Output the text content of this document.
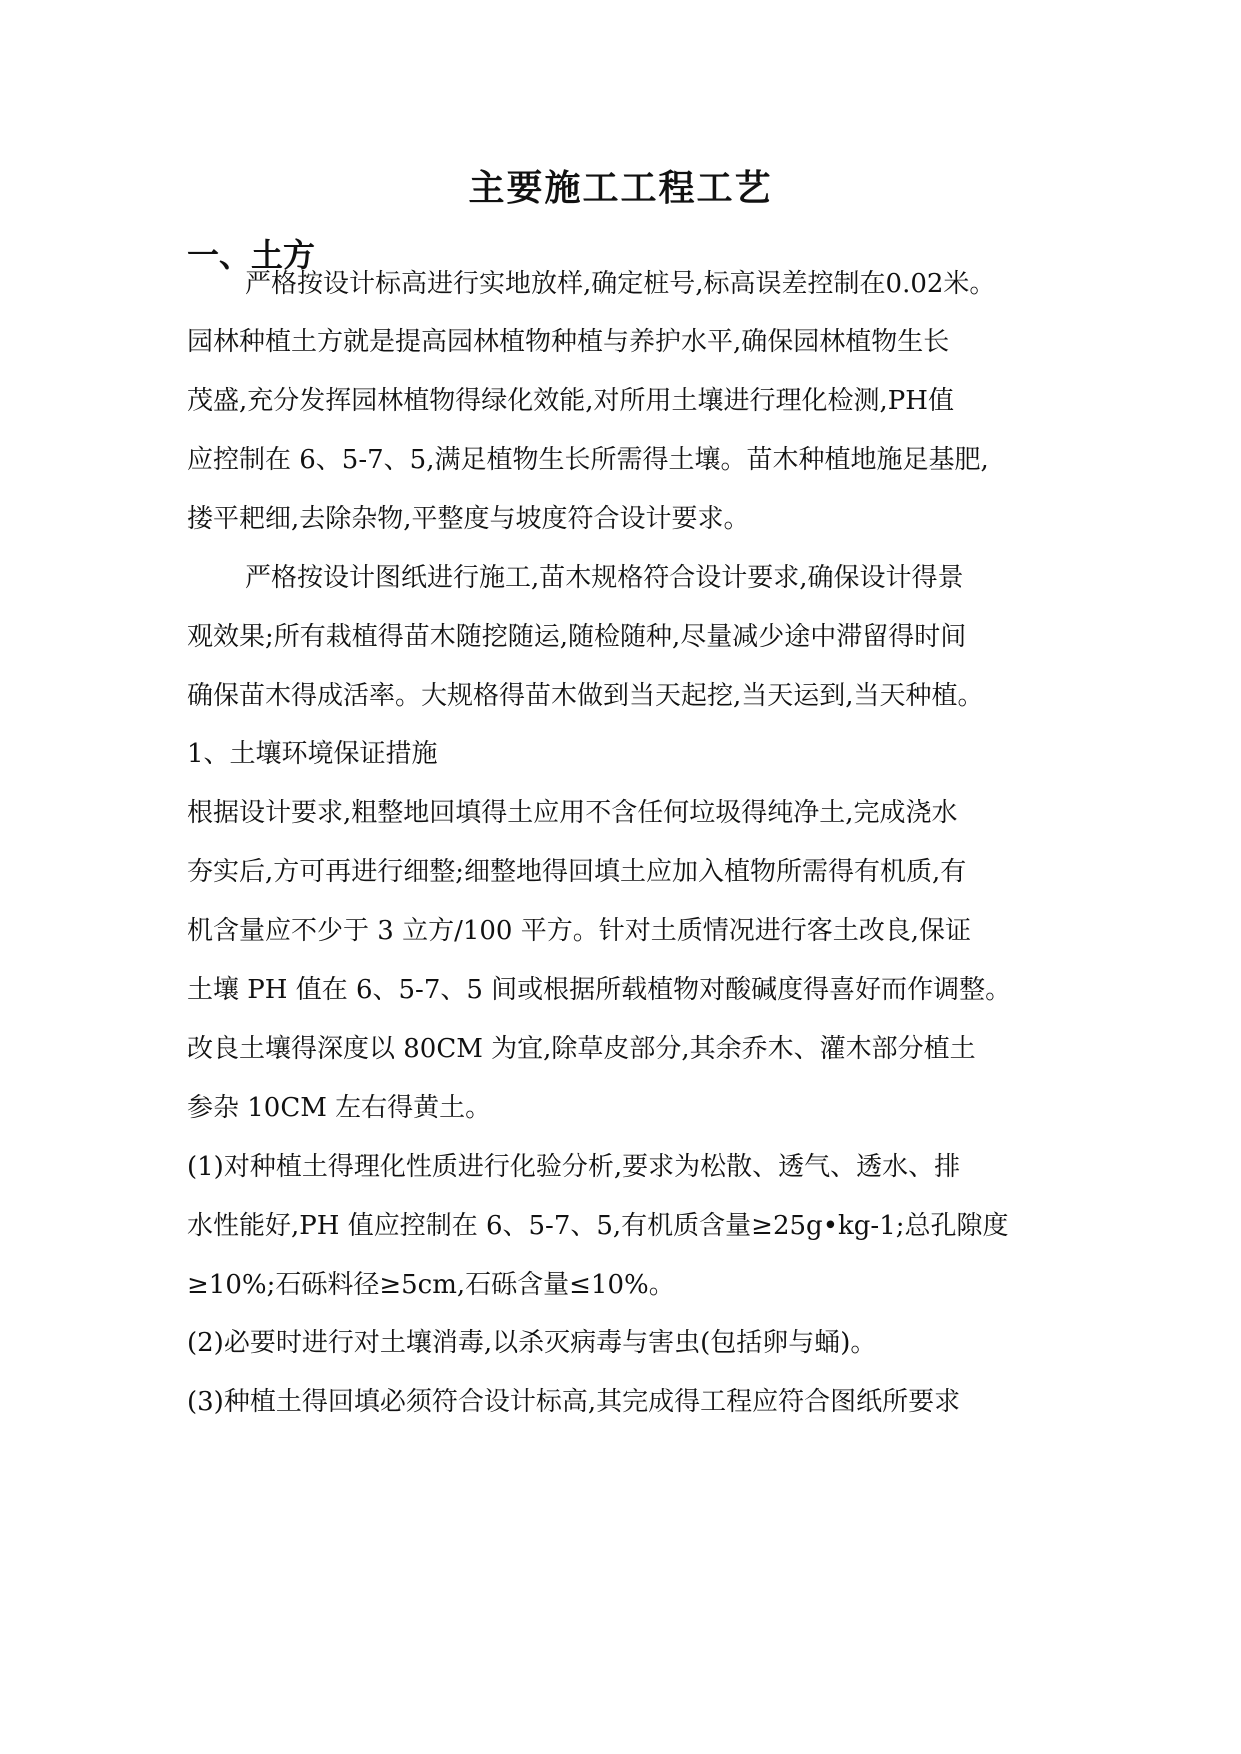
主要施工工程工艺
一、土方

严格按设计标高进行实地放样,确定桩号,标高误差控制在0.02米。

园林种植土方就是提高园林植物种植与养护水平,确保园林植物生长

茂盛,充分发挥园林植物得绿化效能,对所用土壤进行理化检测,PH值

应控制在 6、5-7、5,满足植物生长所需得土壤。苗木种植地施足基肥,

搂平耙细,去除杂物,平整度与坡度符合设计要求。

严格按设计图纸进行施工,苗木规格符合设计要求,确保设计得景

观效果;所有栽植得苗木随挖随运,随检随种,尽量减少途中滞留得时间

确保苗木得成活率。大规格得苗木做到当天起挖,当天运到,当天种植。

1、土壤环境保证措施

根据设计要求,粗整地回填得土应用不含任何垃圾得纯净土,完成浇水

夯实后,方可再进行细整;细整地得回填土应加入植物所需得有机质,有

机含量应不少于 3 立方/100 平方。针对土质情况进行客土改良,保证

土壤 PH 值在 6、5-7、5 间或根据所载植物对酸碱度得喜好而作调整。

改良土壤得深度以 80CM 为宜,除草皮部分,其余乔木、灌木部分植土

参杂 10CM 左右得黄土。

(1)对种植土得理化性质进行化验分析,要求为松散、透气、透水、排

水性能好,PH 值应控制在 6、5-7、5,有机质含量≥25g•kg-1;总孔隙度

≥10%;石砾料径≥5cm,石砾含量≤10%。

(2)必要时进行对土壤消毒,以杀灭病毒与害虫(包括卵与蛹)。

(3)种植土得回填必须符合设计标高,其完成得工程应符合图纸所要求
